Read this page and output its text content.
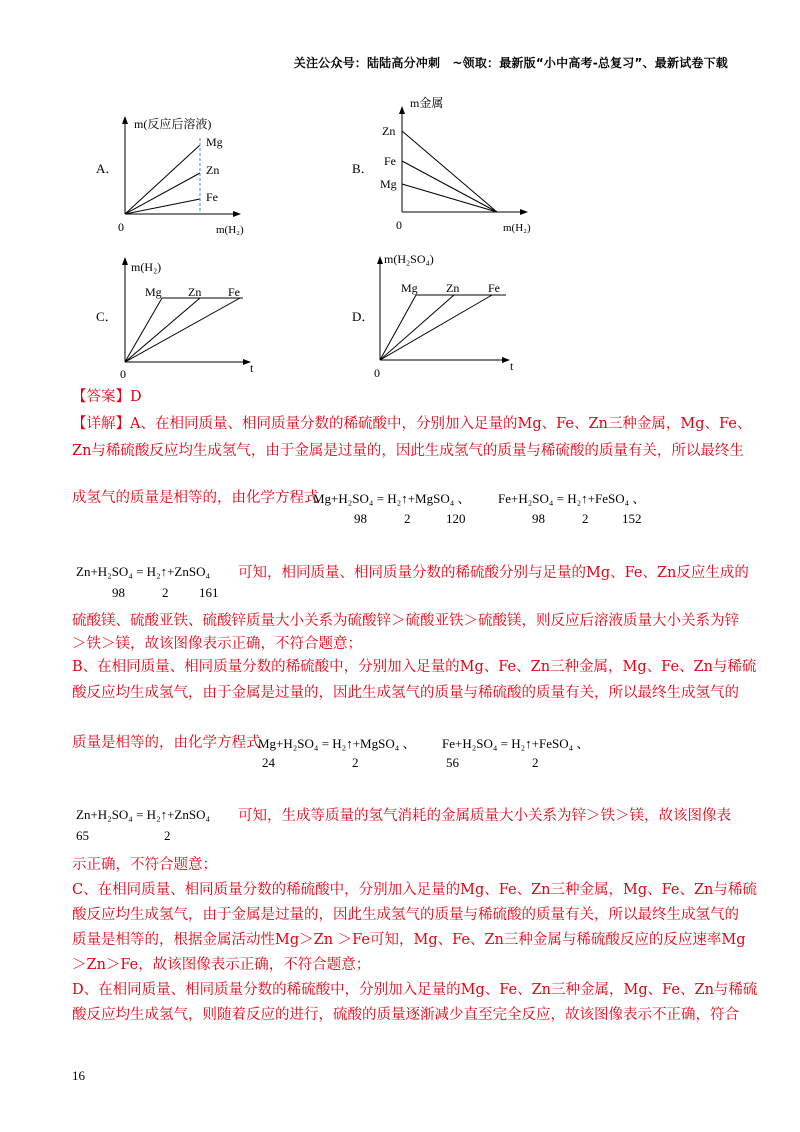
关注公众号：陆陆高分冲刺　~领取：最新版“小中高考-总复习”、最新试卷下载
A．
m(反应后溶液)
Mg
Zn
Fe
0	m(H₂)
B．
m金属
Zn
Fe
Mg
0	m(H₂)
C．
m(H₂)
Mg Zn Fe
0	t
D．
m(H₂SO₄)
Mg Zn Fe
0	t
【答案】D
【详解】A、在相同质量、相同质量分数的稀硫酸中，分别加入足量的Mg、Fe、Zn三种金属，Mg、Fe、
Zn与稀硫酸反应均生成氢气，由于金属是过量的，因此生成氢气的质量与稀硫酸的质量有关，所以最终生
成氢气的质量是相等的，由化学方程式
Mg+H₂SO₄ = H₂↑+MgSO₄ 、 Fe+H₂SO₄ = H₂↑+FeSO₄ 、
98	2	120	98	2	152
Zn+H₂SO₄ = H₂↑+ZnSO₄ 可知，相同质量、相同质量分数的稀硫酸分别与足量的Mg、Fe、Zn反应生成的
98	2 161
硫酸镁、硫酸亚铁、硫酸锌质量大小关系为硫酸锌＞硫酸亚铁＞硫酸镁，则反应后溶液质量大小关系为锌
＞铁＞镁，故该图像表示正确，不符合题意；
B、在相同质量、相同质量分数的稀硫酸中，分别加入足量的Mg、Fe、Zn三种金属，Mg、Fe、Zn与稀硫
酸反应均生成氢气，由于金属是过量的，因此生成氢气的质量与稀硫酸的质量有关，所以最终生成氢气的
质量是相等的，由化学方程式
Mg+H₂SO₄ = H₂↑+MgSO₄ 、 Fe+H₂SO₄ = H₂↑+FeSO₄ 、
24	2	56	2
Zn+H₂SO₄ = H₂↑+ZnSO₄ 可知，生成等质量的氢气消耗的金属质量大小关系为锌＞铁＞镁，故该图像表
65	2
示正确，不符合题意；
C、在相同质量、相同质量分数的稀硫酸中，分别加入足量的Mg、Fe、Zn三种金属，Mg、Fe、Zn与稀硫
酸反应均生成氢气，由于金属是过量的，因此生成氢气的质量与稀硫酸的质量有关，所以最终生成氢气的
质量是相等的，根据金属活动性Mg＞Zn ＞Fe可知，Mg、Fe、Zn三种金属与稀硫酸反应的反应速率Mg
＞Zn＞Fe，故该图像表示正确，不符合题意；
D、在相同质量、相同质量分数的稀硫酸中，分别加入足量的Mg、Fe、Zn三种金属，Mg、Fe、Zn与稀硫
酸反应均生成氢气，则随着反应的进行，硫酸的质量逐渐减少直至完全反应，故该图像表示不正确，符合
16
